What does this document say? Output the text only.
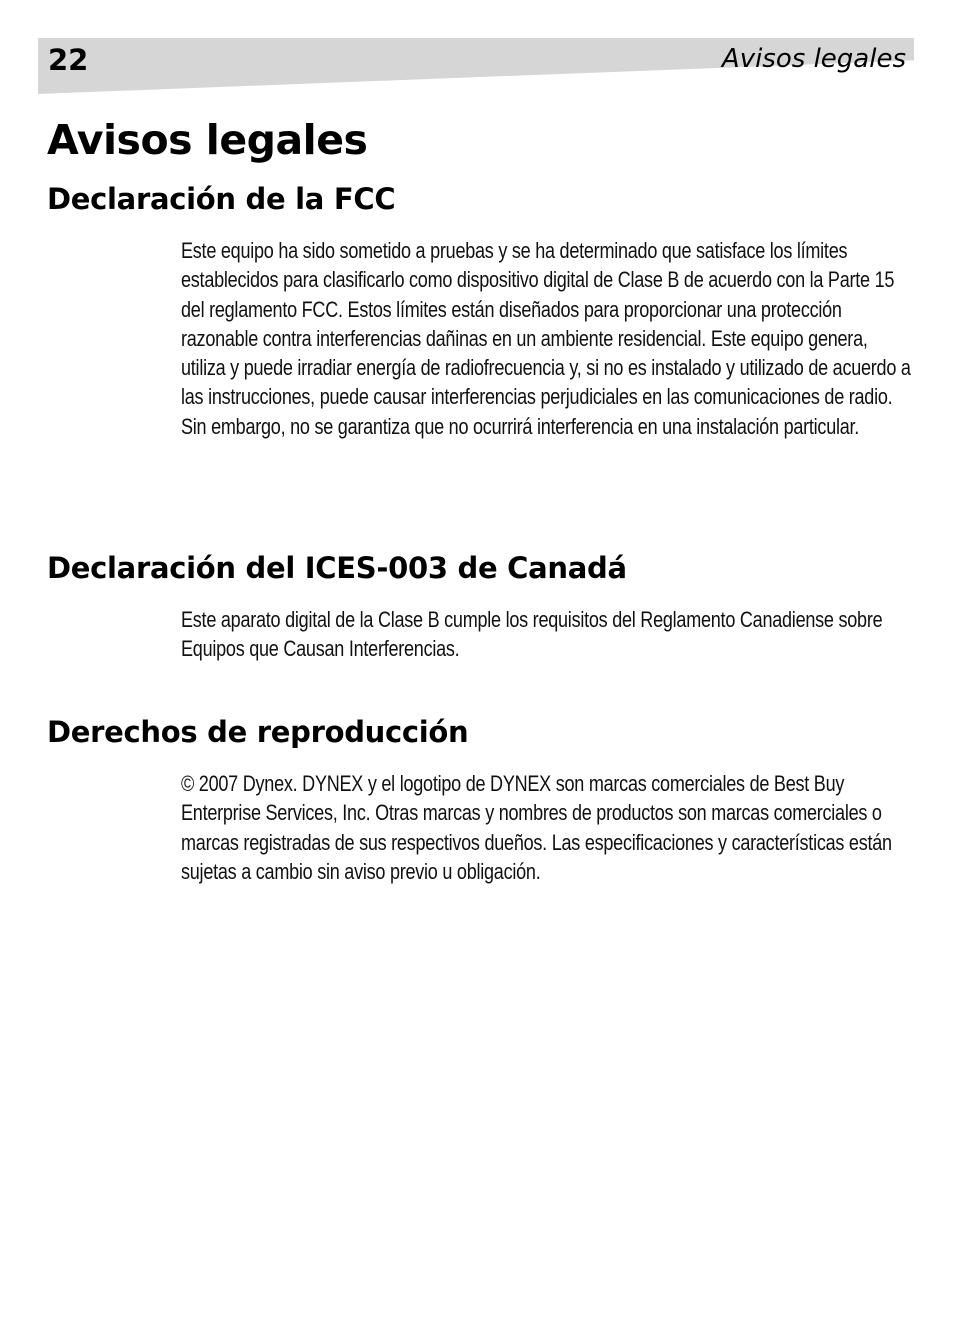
22	Avisos legales
Avisos legales
Declaración de la FCC

Este equipo ha sido sometido a pruebas y se ha determinado que satisface los límites establecidos para clasificarlo como dispositivo digital de Clase B de acuerdo con la Parte 15 del reglamento FCC. Estos límites están diseñados para proporcionar una protección razonable contra interferencias dañinas en un ambiente residencial. Este equipo genera, utiliza y puede irradiar energía de radiofrecuencia y, si no es instalado y utilizado de acuerdo a las instrucciones, puede causar interferencias perjudiciales en las comunicaciones de radio. Sin embargo, no se garantiza que no ocurrirá interferencia en una instalación particular.

Declaración del ICES-003 de Canadá

Este aparato digital de la Clase B cumple los requisitos del Reglamento Canadiense sobre Equipos que Causan Interferencias.

Derechos de reproducción

© 2007 Dynex. DYNEX y el logotipo de DYNEX son marcas comerciales de Best Buy Enterprise Services, Inc. Otras marcas y nombres de productos son marcas comerciales o marcas registradas de sus respectivos dueños. Las especificaciones y características están sujetas a cambio sin aviso previo u obligación.
